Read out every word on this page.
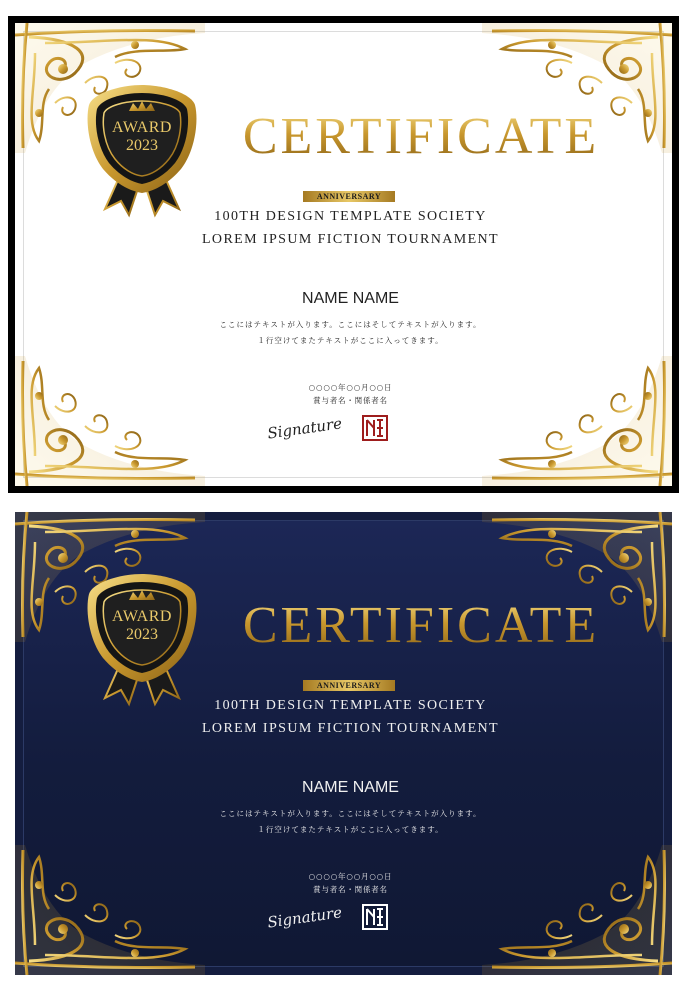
AWARD
2023	CERTIFICATE
ANNIVERSARY
100TH DESIGN TEMPLATE SOCIETY
LOREM IPSUM FICTION TOURNAMENT
NAME NAME
ここにはテキストが入ります。ここにはそしてテキストが入ります。
１行空けてまたテキストがここに入ってきます。
○○○○年○○月○○日
賞与者名・関係者名
Signature
AWARD
2023	CERTIFICATE
ANNIVERSARY
100TH DESIGN TEMPLATE SOCIETY
LOREM IPSUM FICTION TOURNAMENT
NAME NAME
ここにはテキストが入ります。ここにはそしてテキストが入ります。
１行空けてまたテキストがここに入ってきます。
○○○○年○○月○○日
賞与者名・関係者名
Signature
